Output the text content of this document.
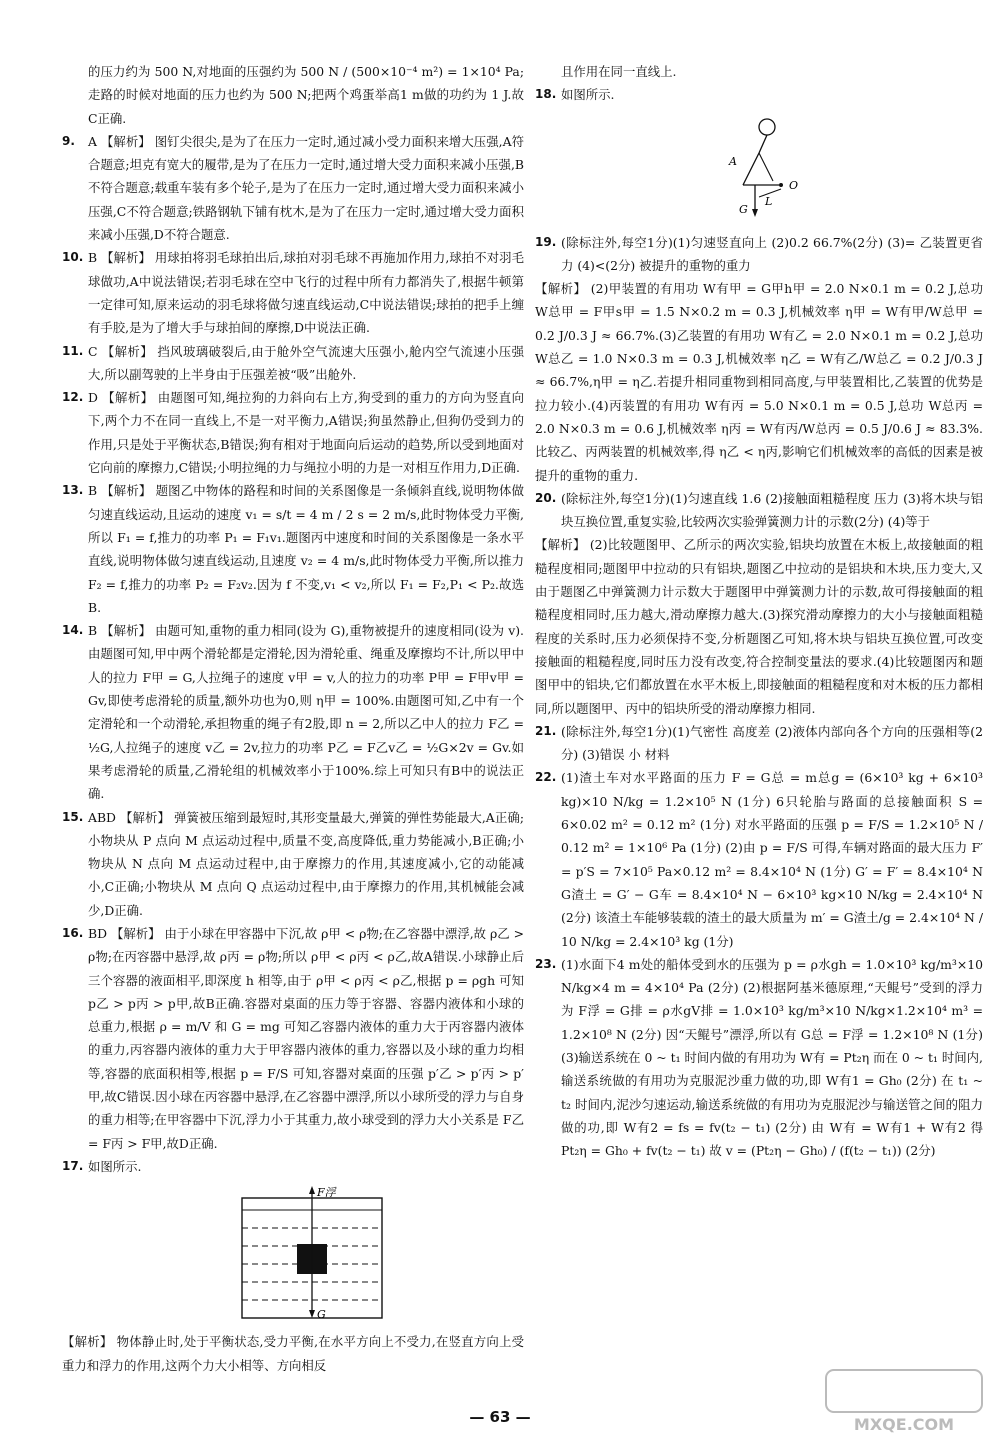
的压力约为 500 N,对地面的压强约为 500 N / (500×10⁻⁴ m²) = 1×10⁴ Pa;走路的时候对地面的压力也约为 500 N;把两个鸡蛋举高1 m做的功约为 1 J.故C正确.

9. A 【解析】 图钉尖很尖,是为了在压力一定时,通过减小受力面积来增大压强,A符合题意;坦克有宽大的履带,是为了在压力一定时,通过增大受力面积来减小压强,B不符合题意;载重车装有多个轮子,是为了在压力一定时,通过增大受力面积来减小压强,C不符合题意;铁路钢轨下铺有枕木,是为了在压力一定时,通过增大受力面积来减小压强,D不符合题意.

10. B 【解析】 用球拍将羽毛球拍出后,球拍对羽毛球不再施加作用力,球拍不对羽毛球做功,A中说法错误;若羽毛球在空中飞行的过程中所有力都消失了,根据牛顿第一定律可知,原来运动的羽毛球将做匀速直线运动,C中说法错误;球拍的把手上缠有手胶,是为了增大手与球拍间的摩擦,D中说法正确.

11. C 【解析】 挡风玻璃破裂后,由于舱外空气流速大压强小,舱内空气流速小压强大,所以副驾驶的上半身由于压强差被“吸”出舱外.

12. D 【解析】 由题图可知,绳拉狗的力斜向右上方,狗受到的重力的方向为竖直向下,两个力不在同一直线上,不是一对平衡力,A错误;狗虽然静止,但狗仍受到力的作用,只是处于平衡状态,B错误;狗有相对于地面向后运动的趋势,所以受到地面对它向前的摩擦力,C错误;小明拉绳的力与绳拉小明的力是一对相互作用力,D正确.

13. B 【解析】 题图乙中物体的路程和时间的关系图像是一条倾斜直线,说明物体做匀速直线运动,且运动的速度 v₁ = s/t = 4 m / 2 s = 2 m/s,此时物体受力平衡,所以 F₁ = f,推力的功率 P₁ = F₁v₁.题图丙中速度和时间的关系图像是一条水平直线,说明物体做匀速直线运动,且速度 v₂ = 4 m/s,此时物体受力平衡,所以推力 F₂ = f,推力的功率 P₂ = F₂v₂.因为 f 不变,v₁ < v₂,所以 F₁ = F₂,P₁ < P₂.故选B.

14. B 【解析】 由题可知,重物的重力相同(设为 G),重物被提升的速度相同(设为 v).由题图可知,甲中两个滑轮都是定滑轮,因为滑轮重、绳重及摩擦均不计,所以甲中人的拉力 F甲 = G,人拉绳子的速度 v甲 = v,人的拉力的功率 P甲 = F甲v甲 = Gv,即使考虑滑轮的质量,额外功也为0,则 η甲 = 100%.由题图可知,乙中有一个定滑轮和一个动滑轮,承担物重的绳子有2股,即 n = 2,所以乙中人的拉力 F乙 = ½G,人拉绳子的速度 v乙 = 2v,拉力的功率 P乙 = F乙v乙 = ½G×2v = Gv.如果考虑滑轮的质量,乙滑轮组的机械效率小于100%.综上可知只有B中的说法正确.

15. ABD 【解析】 弹簧被压缩到最短时,其形变量最大,弹簧的弹性势能最大,A正确;小物块从 P 点向 M 点运动过程中,质量不变,高度降低,重力势能减小,B正确;小物块从 N 点向 M 点运动过程中,由于摩擦力的作用,其速度减小,它的动能减小,C正确;小物块从 M 点向 Q 点运动过程中,由于摩擦力的作用,其机械能会减少,D正确.

16. BD 【解析】 由于小球在甲容器中下沉,故 ρ甲 < ρ物;在乙容器中漂浮,故 ρ乙 > ρ物;在丙容器中悬浮,故 ρ丙 = ρ物;所以 ρ甲 < ρ丙 < ρ乙,故A错误.小球静止后三个容器的液面相平,即深度 h 相等,由于 ρ甲 < ρ丙 < ρ乙,根据 p = ρgh 可知 p乙 > p丙 > p甲,故B正确.容器对桌面的压力等于容器、容器内液体和小球的总重力,根据 ρ = m/V 和 G = mg 可知乙容器内液体的重力大于丙容器内液体的重力,丙容器内液体的重力大于甲容器内液体的重力,容器以及小球的重力均相等,容器的底面积相等,根据 p = F/S 可知,容器对桌面的压强 p′乙 > p′丙 > p′甲,故C错误.因小球在丙容器中悬浮,在乙容器中漂浮,所以小球所受的浮力与自身的重力相等;在甲容器中下沉,浮力小于其重力,故小球受到的浮力大小关系是 F乙 = F丙 > F甲,故D正确.

17. 如图所示.

F浮
G

【解析】 物体静止时,处于平衡状态,受力平衡,在水平方向上不受力,在竖直方向上受重力和浮力的作用,这两个力大小相等、方向相反

且作用在同一直线上.

18. 如图所示.

A
O
G
L

19. (除标注外,每空1分)(1)匀速竖直向上 (2)0.2 66.7%(2分) (3)= 乙装置更省力 (4)<(2分) 被提升的重物的重力

【解析】 (2)甲装置的有用功 W有甲 = G甲h甲 = 2.0 N×0.1 m = 0.2 J,总功 W总甲 = F甲s甲 = 1.5 N×0.2 m = 0.3 J,机械效率 η甲 = W有甲/W总甲 = 0.2 J/0.3 J ≈ 66.7%.(3)乙装置的有用功 W有乙 = 2.0 N×0.1 m = 0.2 J,总功 W总乙 = 1.0 N×0.3 m = 0.3 J,机械效率 η乙 = W有乙/W总乙 = 0.2 J/0.3 J ≈ 66.7%,η甲 = η乙.若提升相同重物到相同高度,与甲装置相比,乙装置的优势是拉力较小.(4)丙装置的有用功 W有丙 = 5.0 N×0.1 m = 0.5 J,总功 W总丙 = 2.0 N×0.3 m = 0.6 J,机械效率 η丙 = W有丙/W总丙 = 0.5 J/0.6 J ≈ 83.3%.比较乙、丙两装置的机械效率,得 η乙 < η丙,影响它们机械效率的高低的因素是被提升的重物的重力.

20. (除标注外,每空1分)(1)匀速直线 1.6 (2)接触面粗糙程度 压力 (3)将木块与铝块互换位置,重复实验,比较两次实验弹簧测力计的示数(2分) (4)等于

【解析】 (2)比较题图甲、乙所示的两次实验,铝块均放置在木板上,故接触面的粗糙程度相同;题图甲中拉动的只有铝块,题图乙中拉动的是铝块和木块,压力变大,又由于题图乙中弹簧测力计示数大于题图甲中弹簧测力计的示数,故可得接触面的粗糙程度相同时,压力越大,滑动摩擦力越大.(3)探究滑动摩擦力的大小与接触面粗糙程度的关系时,压力必须保持不变,分析题图乙可知,将木块与铝块互换位置,可改变接触面的粗糙程度,同时压力没有改变,符合控制变量法的要求.(4)比较题图丙和题图甲中的铝块,它们都放置在水平木板上,即接触面的粗糙程度和对木板的压力都相同,所以题图甲、丙中的铝块所受的滑动摩擦力相同.

21. (除标注外,每空1分)(1)气密性 高度差 (2)液体内部向各个方向的压强相等(2分) (3)错误 小 材料

22. (1)渣土车对水平路面的压力 F = G总 = m总g = (6×10³ kg + 6×10³ kg)×10 N/kg = 1.2×10⁵ N (1分) 6只轮胎与路面的总接触面积 S = 6×0.02 m² = 0.12 m² (1分) 对水平路面的压强 p = F/S = 1.2×10⁵ N / 0.12 m² = 1×10⁶ Pa (1分) (2)由 p = F/S 可得,车辆对路面的最大压力 F′ = p′S = 7×10⁵ Pa×0.12 m² = 8.4×10⁴ N (1分) G′ = F′ = 8.4×10⁴ N G渣土 = G′ − G车 = 8.4×10⁴ N − 6×10³ kg×10 N/kg = 2.4×10⁴ N (2分) 该渣土车能够装载的渣土的最大质量为 m′ = G渣土/g = 2.4×10⁴ N / 10 N/kg = 2.4×10³ kg (1分)

23. (1)水面下4 m处的船体受到水的压强为 p = ρ水gh = 1.0×10³ kg/m³×10 N/kg×4 m = 4×10⁴ Pa (2分) (2)根据阿基米德原理,“天鲲号”受到的浮力为 F浮 = G排 = ρ水gV排 = 1.0×10³ kg/m³×10 N/kg×1.2×10⁴ m³ = 1.2×10⁸ N (2分) 因“天鲲号”漂浮,所以有 G总 = F浮 = 1.2×10⁸ N (1分) (3)输送系统在 0 ~ t₁ 时间内做的有用功为 W有 = Pt₂η 而在 0 ~ t₁ 时间内,输送系统做的有用功为克服泥沙重力做的功,即 W有1 = Gh₀ (2分) 在 t₁ ~ t₂ 时间内,泥沙匀速运动,输送系统做的有用功为克服泥沙与输送管之间的阻力做的功,即 W有2 = fs = fv(t₂ − t₁) (2分) 由 W有 = W有1 + W有2 得 Pt₂η = Gh₀ + fv(t₂ − t₁) 故 v = (Pt₂η − Gh₀) / (f(t₂ − t₁)) (2分)

— 63 —	MXQE.COM
